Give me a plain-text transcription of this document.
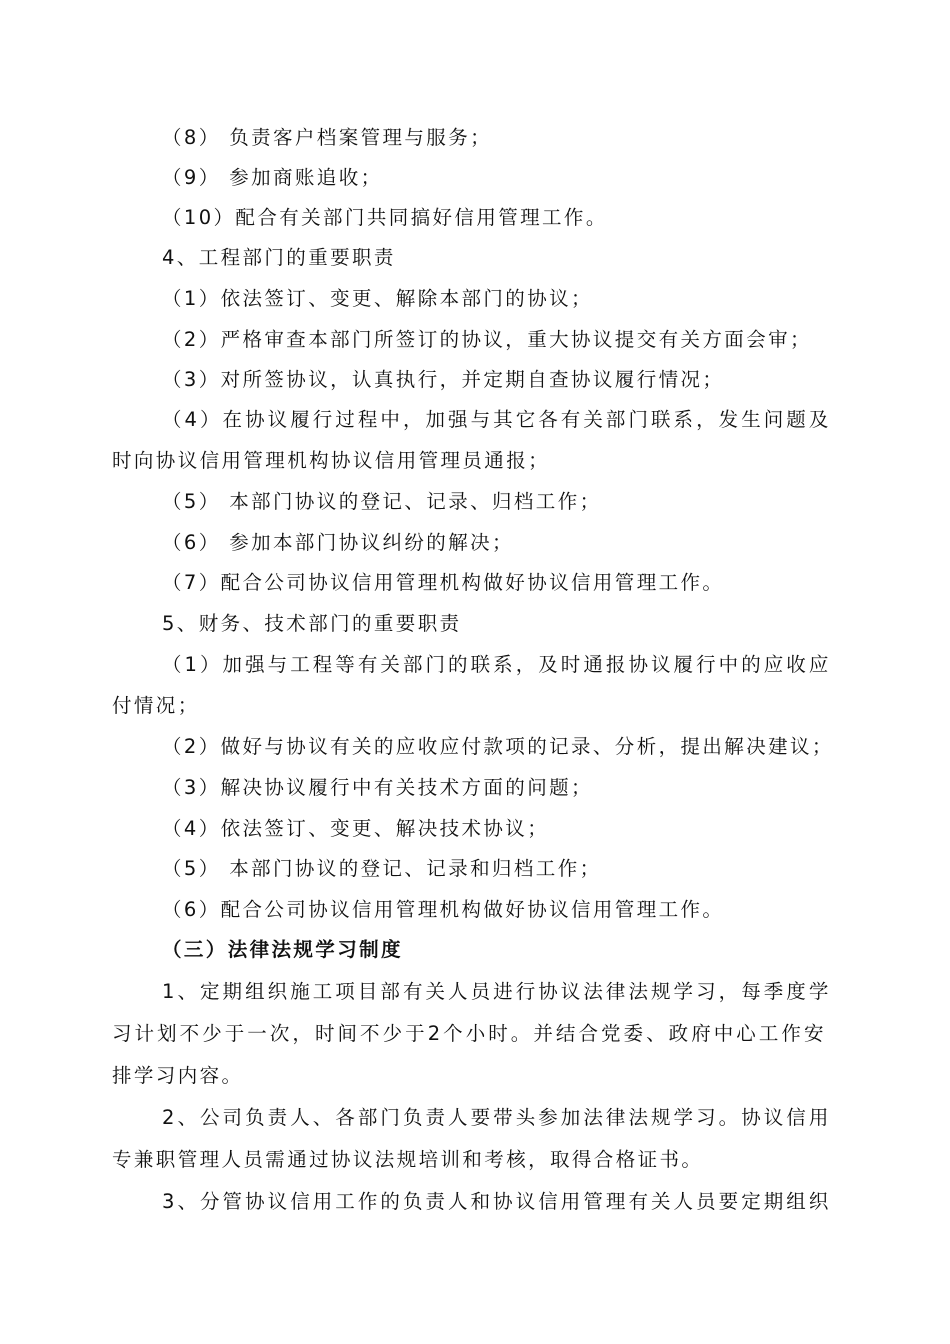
（8） 负责客户档案管理与服务；
（9） 参加商账追收；
（10）配合有关部门共同搞好信用管理工作。
4、工程部门的重要职责
（1）依法签订、变更、解除本部门的协议；
（2）严格审查本部门所签订的协议，重大协议提交有关方面会审；
（3）对所签协议，认真执行，并定期自查协议履行情况；
（4）在协议履行过程中，加强与其它各有关部门联系，发生问题及
时向协议信用管理机构协议信用管理员通报；
（5） 本部门协议的登记、记录、归档工作；
（6） 参加本部门协议纠纷的解决；
（7）配合公司协议信用管理机构做好协议信用管理工作。
5、财务、技术部门的重要职责
（1）加强与工程等有关部门的联系，及时通报协议履行中的应收应
付情况；
（2）做好与协议有关的应收应付款项的记录、分析，提出解决建议；
（3）解决协议履行中有关技术方面的问题；
（4）依法签订、变更、解决技术协议；
（5） 本部门协议的登记、记录和归档工作；
（6）配合公司协议信用管理机构做好协议信用管理工作。
（三）法律法规学习制度
1、定期组织施工项目部有关人员进行协议法律法规学习，每季度学
习计划不少于一次，时间不少于2个小时。并结合党委、政府中心工作安
排学习内容。
2、公司负责人、各部门负责人要带头参加法律法规学习。协议信用
专兼职管理人员需通过协议法规培训和考核，取得合格证书。
3、分管协议信用工作的负责人和协议信用管理有关人员要定期组织
